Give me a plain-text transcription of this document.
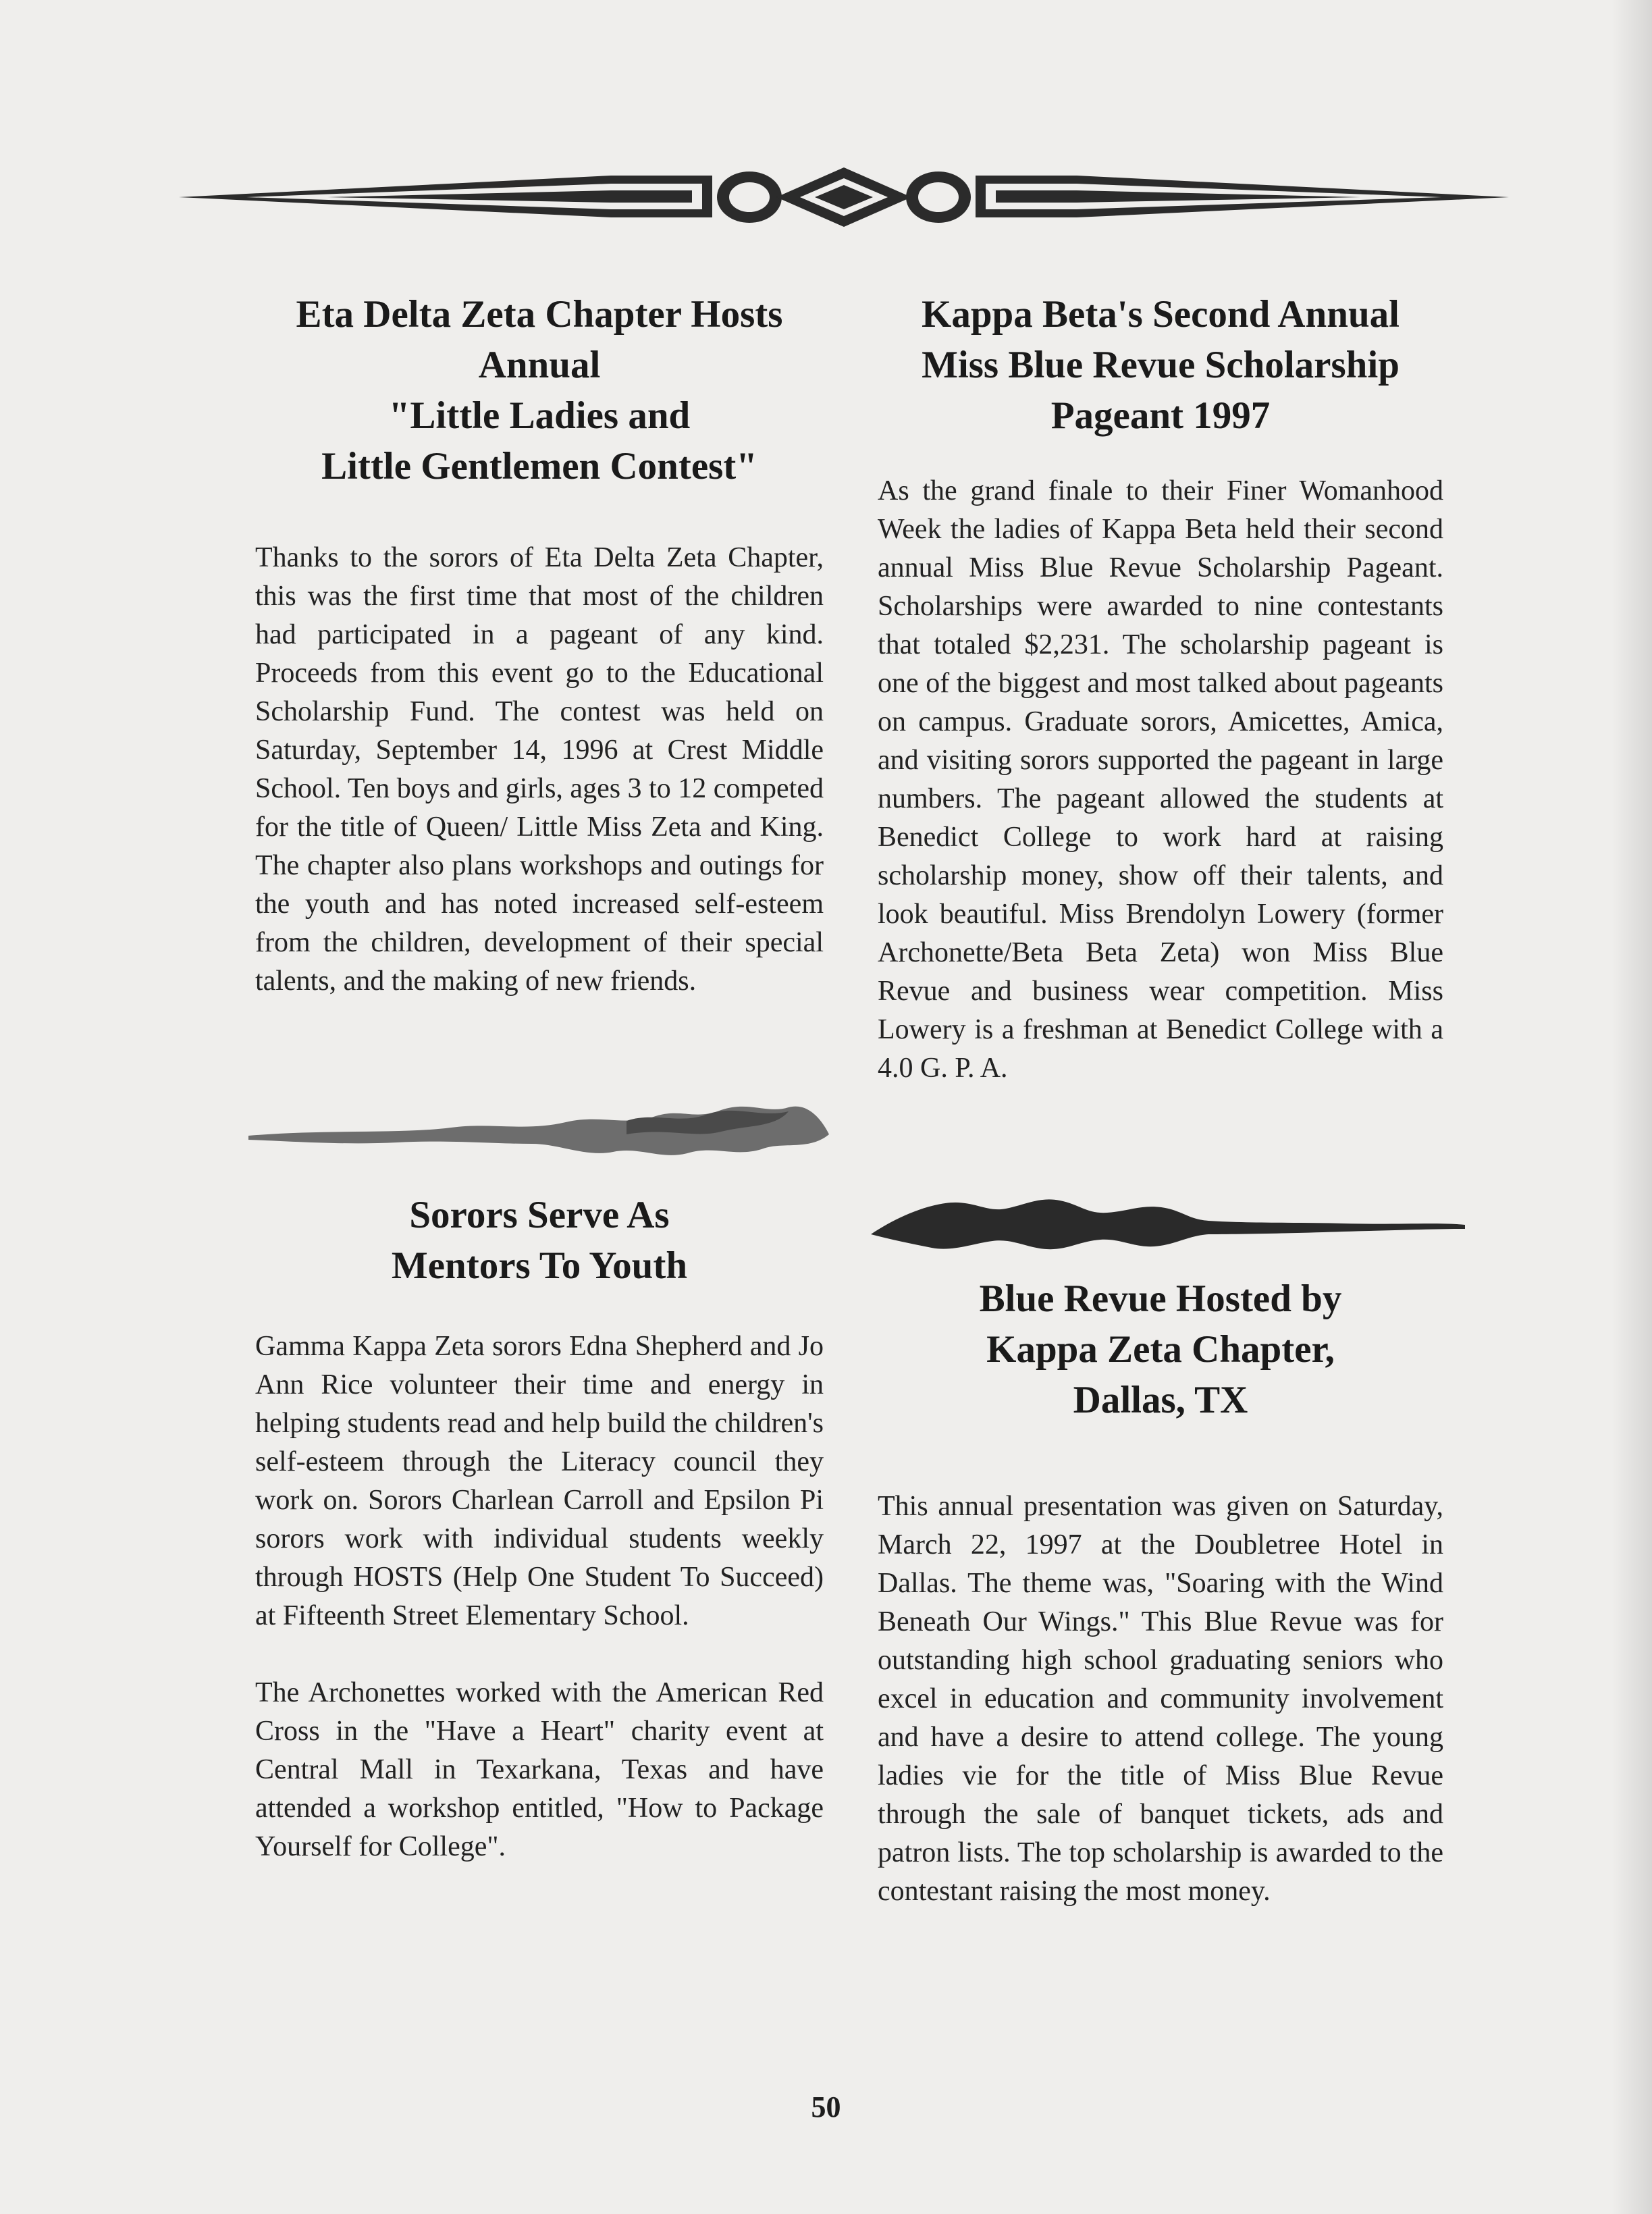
Eta Delta Zeta Chapter Hosts
Annual
"Little Ladies and
Little Gentlemen Contest"

Thanks to the sorors of Eta Delta Zeta Chapter, this was the first time that most of the children had participated in a pageant of any kind. Proceeds from this event go to the Educational Scholarship Fund. The contest was held on Saturday, September 14, 1996 at Crest Middle School. Ten boys and girls, ages 3 to 12 competed for the title of Queen/ Little Miss Zeta and King. The chapter also plans workshops and outings for the youth and has noted increased self-esteem from the children, development of their special talents, and the making of new friends.

Sorors Serve As
Mentors To Youth

Gamma Kappa Zeta sorors Edna Shepherd and Jo Ann Rice volunteer their time and energy in helping students read and help build the children's self-esteem through the Literacy council they work on. Sorors Charlean Carroll and Epsilon Pi sorors work with individual students weekly through HOSTS (Help One Student To Succeed) at Fifteenth Street Elementary School.

The Archonettes worked with the American Red Cross in the "Have a Heart" charity event at Central Mall in Texarkana, Texas and have attended a workshop entitled, "How to Package Yourself for College".

Kappa Beta's Second Annual
Miss Blue Revue Scholarship
Pageant 1997

As the grand finale to their Finer Womanhood Week the ladies of Kappa Beta held their second annual Miss Blue Revue Scholarship Pageant. Scholarships were awarded to nine contestants that totaled $2,231. The scholarship pageant is one of the biggest and most talked about pageants on campus. Graduate sorors, Amicettes, Amica, and visiting sorors supported the pageant in large numbers. The pageant allowed the students at Benedict College to work hard at raising scholarship money, show off their talents, and look beautiful. Miss Brendolyn Lowery (former Archonette/Beta Beta Zeta) won Miss Blue Revue and business wear competition. Miss Lowery is a freshman at Benedict College with a 4.0 G. P. A.

Blue Revue Hosted by
Kappa Zeta Chapter,
Dallas, TX

This annual presentation was given on Saturday, March 22, 1997 at the Doubletree Hotel in Dallas. The theme was, "Soaring with the Wind Beneath Our Wings." This Blue Revue was for outstanding high school graduating seniors who excel in education and community involvement and have a desire to attend college. The young ladies vie for the title of Miss Blue Revue through the sale of banquet tickets, ads and patron lists. The top scholarship is awarded to the contestant raising the most money.

50
